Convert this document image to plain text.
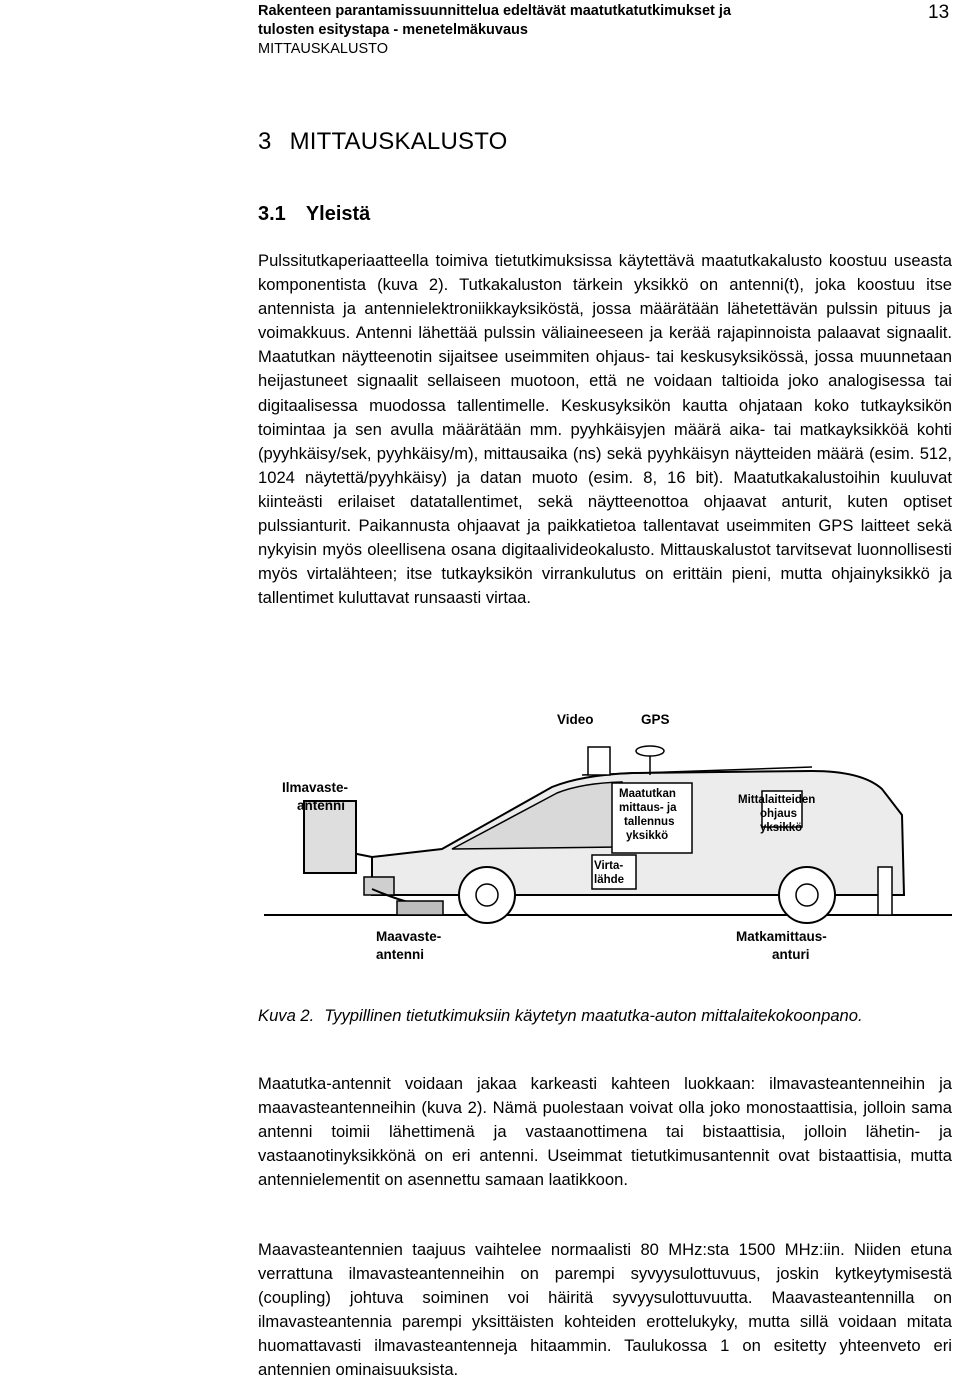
Rakenteen parantamissuunnittelua edeltävät maatutkatutkimukset ja
tulosten esitystapa - menetelmäkuvaus
MITTAUSKALUSTO
13
3 MITTAUSKALUSTO
3.1 Yleistä

Pulssitutkaperiaatteella toimiva tietutkimuksissa käytettävä maatutkakalusto koostuu useasta komponentista (kuva 2). Tutkakaluston tärkein yksikkö on antenni(t), joka koostuu itse antennista ja antennielektroniikkayksiköstä, jossa määrätään lähetettävän pulssin pituus ja voimakkuus. Antenni lähettää pulssin väliaineeseen ja kerää rajapinnoista palaavat signaalit. Maatutkan näytteenotin sijaitsee useimmiten ohjaus- tai keskusyksikössä, jossa muunnetaan heijastuneet signaalit sellaiseen muotoon, että ne voidaan taltioida joko analogisessa tai digitaalisessa muodossa tallentimelle. Keskusyksikön kautta ohjataan koko tutkayksikön toimintaa ja sen avulla määrätään mm. pyyhkäisyjen määrä aika- tai matkayksikköä kohti (pyyhkäisy/sek, pyyhkäisy/m), mittausaika (ns) sekä pyyhkäisyn näytteiden määrä (esim. 512, 1024 näytettä/pyyhkäisy) ja datan muoto (esim. 8, 16 bit). Maatutkakalustoihin kuuluvat kiinteästi erilaiset datatallentimet, sekä näytteenottoa ohjaavat anturit, kuten optiset pulssianturit. Paikannusta ohjaavat ja paikkatietoa tallentavat useimmiten GPS laitteet sekä nykyisin myös oleellisena osana digitaalivideokalusto. Mittauskalustot tarvitsevat luonnollisesti myös virtalähteen; itse tutkayksikön virrankulutus on erittäin pieni, mutta ohjainyksikkö ja tallentimet kuluttavat runsaasti virtaa.

Video	GPS
Ilmavaste-
antenni
Maatutkan
mittaus- ja
tallennus
yksikkö
Mittalaitteiden
ohjaus
yksikkö
Virta-
lähde
Maavaste-
antenni
Matkamittaus-
anturi

Kuva 2. Tyypillinen tietutkimuksiin käytetyn maatutka-auton mittalaitekokoonpano.

Maatutka-antennit voidaan jakaa karkeasti kahteen luokkaan: ilmavasteantenneihin ja maavasteantenneihin (kuva 2). Nämä puolestaan voivat olla joko monostaattisia, jolloin sama antenni toimii lähettimenä ja vastaanottimena tai bistaattisia, jolloin lähetin- ja vastaanotinyksikkönä on eri antenni. Useimmat tietutkimusantennit ovat bistaattisia, mutta antennielementit on asennettu samaan laatikkoon.

Maavasteantennien taajuus vaihtelee normaalisti 80 MHz:sta 1500 MHz:iin. Niiden etuna verrattuna ilmavasteantenneihin on parempi syvyysulottuvuus, joskin kytkeytymisestä (coupling) johtuva soiminen voi häiritä syvyysulottuvuutta. Maavasteantennilla on ilmavasteantennia parempi yksittäisten kohteiden erottelukyky, mutta sillä voidaan mitata huomattavasti ilmavasteantenneja hitaammin. Taulukossa 1 on esitetty yhteenveto eri antennien ominaisuuksista.
